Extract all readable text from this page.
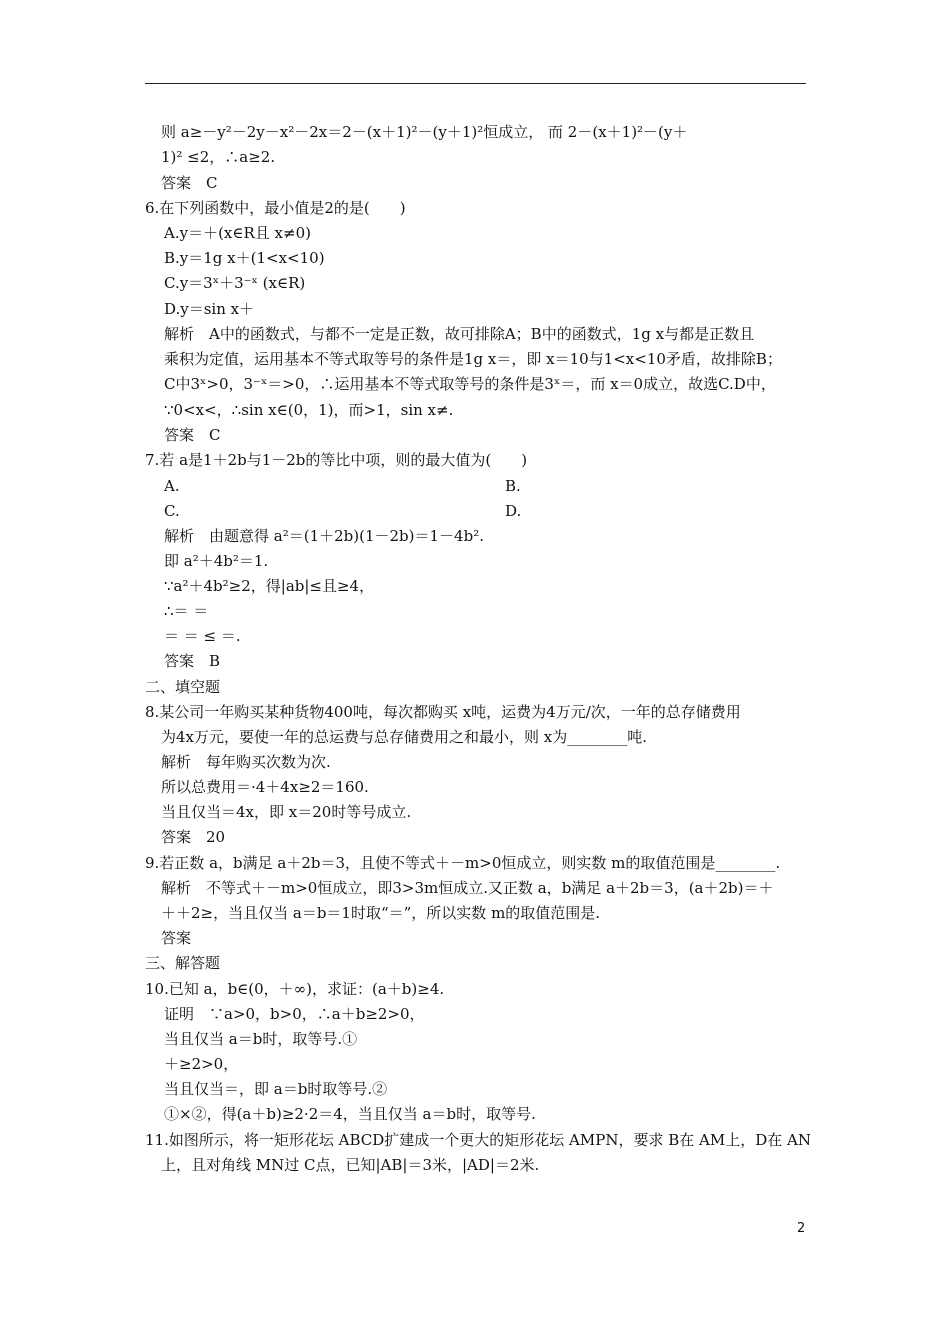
则 a≥－y²－2y－x²－2x＝2－(x＋1)²－(y＋1)²恒成立， 而 2－(x＋1)²－(y＋
1)² ≤2，∴a≥2.
答案　C
6.在下列函数中，最小值是2的是(　　)
A.y＝＋(x∈R且 x≠0)
B.y＝1g x＋(1<x<10)
C.y＝3ˣ＋3⁻ˣ (x∈R)
D.y＝sin x＋
解析　A中的函数式，与都不一定是正数，故可排除A；B中的函数式，1g x与都是正数且
乘积为定值，运用基本不等式取等号的条件是1g x＝，即 x＝10与1<x<10矛盾，故排除B；
C中3ˣ>0，3⁻ˣ＝>0，∴运用基本不等式取等号的条件是3ˣ＝，而 x＝0成立，故选C.D中，
∵0<x<，∴sin x∈(0，1)，而>1，sin x≠.
答案　C
7.若 a是1＋2b与1－2b的等比中项，则的最大值为(　　)
A.	B.
C.	D.
解析　由题意得 a²＝(1＋2b)(1－2b)＝1－4b².
即 a²＋4b²＝1.
∵a²＋4b²≥2，得|ab|≤且≥4，
∴＝ ＝
＝ ＝ ≤ ＝.
答案　B
二、填空题
8.某公司一年购买某种货物400吨，每次都购买 x吨，运费为4万元/次，一年的总存储费用
为4x万元，要使一年的总运费与总存储费用之和最小，则 x为________吨.
解析　每年购买次数为次.
所以总费用＝·4＋4x≥2＝160.
当且仅当＝4x，即 x＝20时等号成立.
答案　20
9.若正数 a，b满足 a＋2b＝3，且使不等式＋－m>0恒成立，则实数 m的取值范围是________.
解析　不等式＋－m>0恒成立，即3>3m恒成立.又正数 a，b满足 a＋2b＝3，(a＋2b)＝＋
＋＋2≥，当且仅当 a＝b＝1时取“＝”，所以实数 m的取值范围是.
答案
三、解答题
10.已知 a，b∈(0，＋∞)，求证：(a＋b)≥4.
证明　∵a>0，b>0，∴a＋b≥2>0，
当且仅当 a＝b时，取等号.①
＋≥2>0，
当且仅当＝，即 a＝b时取等号.②
①×②，得(a＋b)≥2·2＝4，当且仅当 a＝b时，取等号.
11.如图所示，将一矩形花坛 ABCD扩建成一个更大的矩形花坛 AMPN，要求 B在 AM上，D在 AN
上，且对角线 MN过 C点，已知|AB|＝3米，|AD|＝2米.
2
